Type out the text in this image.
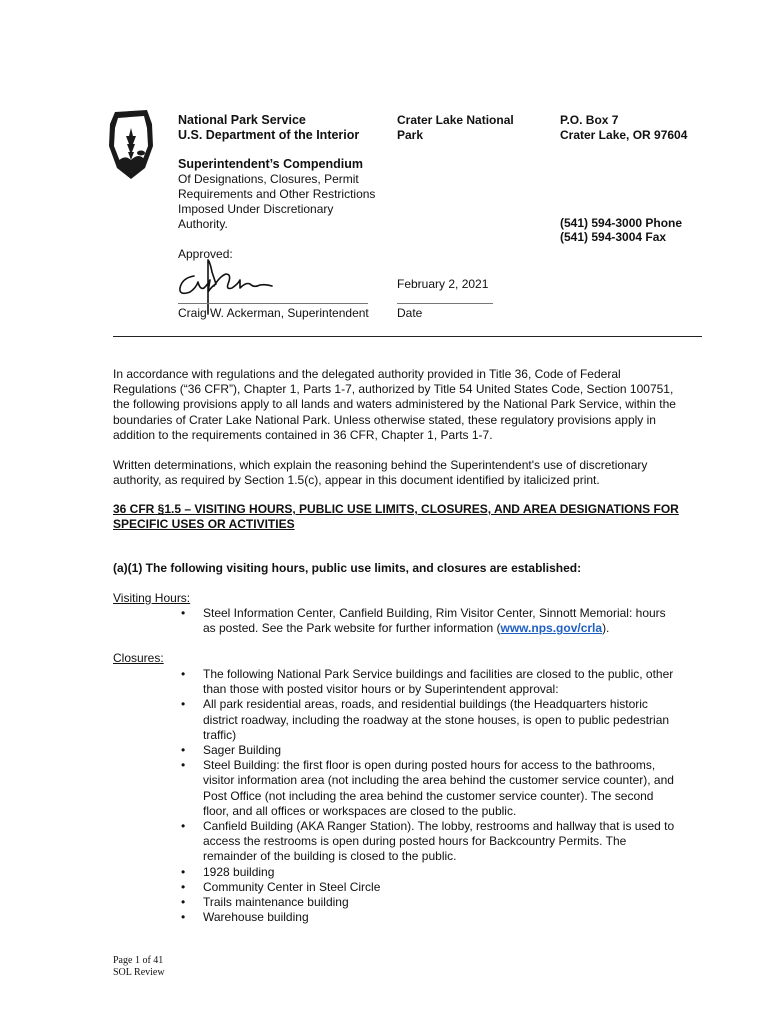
National Park Service
U.S. Department of the Interior
Superintendent’s Compendium
Of Designations, Closures, Permit Requirements and Other Restrictions Imposed Under Discretionary Authority.
Crater Lake National Park
P.O. Box 7
Crater Lake, OR 97604
(541) 594-3000 Phone
(541) 594-3004 Fax
Approved:
Craig W. Ackerman, Superintendent
February 2, 2021
Date
In accordance with regulations and the delegated authority provided in Title 36, Code of Federal Regulations (“36 CFR”), Chapter 1, Parts 1-7, authorized by Title 54 United States Code, Section 100751, the following provisions apply to all lands and waters administered by the National Park Service, within the boundaries of Crater Lake National Park. Unless otherwise stated, these regulatory provisions apply in addition to the requirements contained in 36 CFR, Chapter 1, Parts 1-7.
Written determinations, which explain the reasoning behind the Superintendent's use of discretionary authority, as required by Section 1.5(c), appear in this document identified by italicized print.
36 CFR §1.5 – VISITING HOURS, PUBLIC USE LIMITS, CLOSURES, AND AREA DESIGNATIONS FOR SPECIFIC USES OR ACTIVITIES
(a)(1) The following visiting hours, public use limits, and closures are established:
Visiting Hours:
• Steel Information Center, Canfield Building, Rim Visitor Center, Sinnott Memorial: hours as posted. See the Park website for further information (www.nps.gov/crla).
Closures:
• The following National Park Service buildings and facilities are closed to the public, other than those with posted visitor hours or by Superintendent approval:
• All park residential areas, roads, and residential buildings (the Headquarters historic district roadway, including the roadway at the stone houses, is open to public pedestrian traffic)
• Sager Building
• Steel Building: the first floor is open during posted hours for access to the bathrooms, visitor information area (not including the area behind the customer service counter), and Post Office (not including the area behind the customer service counter). The second floor, and all offices or workspaces are closed to the public.
• Canfield Building (AKA Ranger Station). The lobby, restrooms and hallway that is used to access the restrooms is open during posted hours for Backcountry Permits. The remainder of the building is closed to the public.
• 1928 building
• Community Center in Steel Circle
• Trails maintenance building
• Warehouse building
Page 1 of 41
SOL Review
